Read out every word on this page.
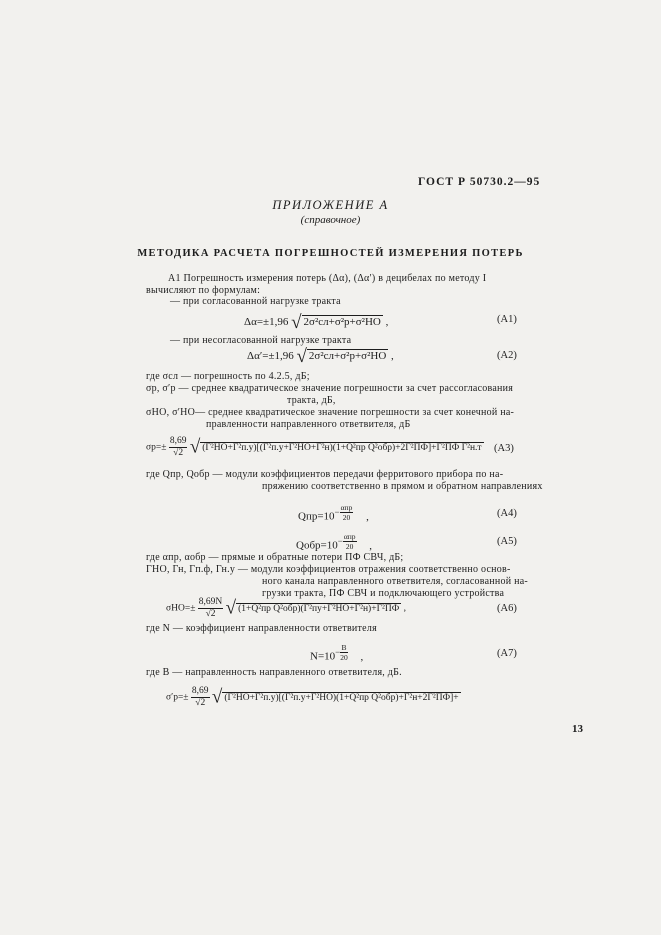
ГОСТ Р 50730.2—95
ПРИЛОЖЕНИЕ А
(справочное)
МЕТОДИКА РАСЧЕТА ПОГРЕШНОСТЕЙ ИЗМЕРЕНИЯ ПОТЕРЬ
А1 Погрешность измерения потерь (Δα), (Δα′) в децибелах по методу I
вычисляют по формулам:
— при согласованной нагрузке тракта
Δα=±1,96 √ 2σ²сл+σ²р+σ²НО ,	(А1)
— при несогласованной нагрузке тракта
Δα′=±1,96 √ 2σ²сл+σ²р+σ²НО ,	(А2)
где σсл — погрешность по 4.2.5, дБ;
σр, σ′р — среднее квадратическое значение погрешности за счет рассогласования
тракта, дБ,
σНО, σ′НО— среднее квадратическое значение погрешности за счет конечной на-
правленности направленного ответвителя, дБ
$\sigma р=\pm \frac{8,69}{√2}$ √ (Г²НО+Г²п.у)[(Г²п.у+Г²НО+Г²н)(1+Q²пр Q²обр)+2Г²ПФ]+Г²ПФ Г²н.т (А3)
где Qпр, Qобр — модули коэффициентов передачи ферритового прибора по на-
пряжению соответственно в прямом и обратном направлениях
$Qпр=10^{- \frac{\text{αпр}}{20}}$ ,	(А4)
$Qобр=10^{- \frac{\text{αпр}}{20}}$ ,	(А5)
где αпр, αобр — прямые и обратные потери ПФ СВЧ, дБ;
ГНО, Гн, Гп.ф, Гн.у — модули коэффициентов отражения соответственно основ-
ного канала направленного ответвителя, согласованной на-
грузки тракта, ПФ СВЧ и подключающего устройства
$\sigma НО=\pm \frac{8,69N}{√2}$ √ (1+Q²пр Q²обр)(Г²пу+Г²НО+Г²н)+Г²ПФ ,	(А6)
где N — коэффициент направленности ответвителя
$N=10^{- \frac{B}{20}}$ ,	(А7)
где B — направленность направленного ответвителя, дБ.
$\sigma'р=\pm \frac{8,69}{√2}$ √ (Г²НО+Г²п.у)[(Г²п.у+Г²НО)(1+Q²пр Q²обр)+Г²н+2Г²ПФ]+
13
